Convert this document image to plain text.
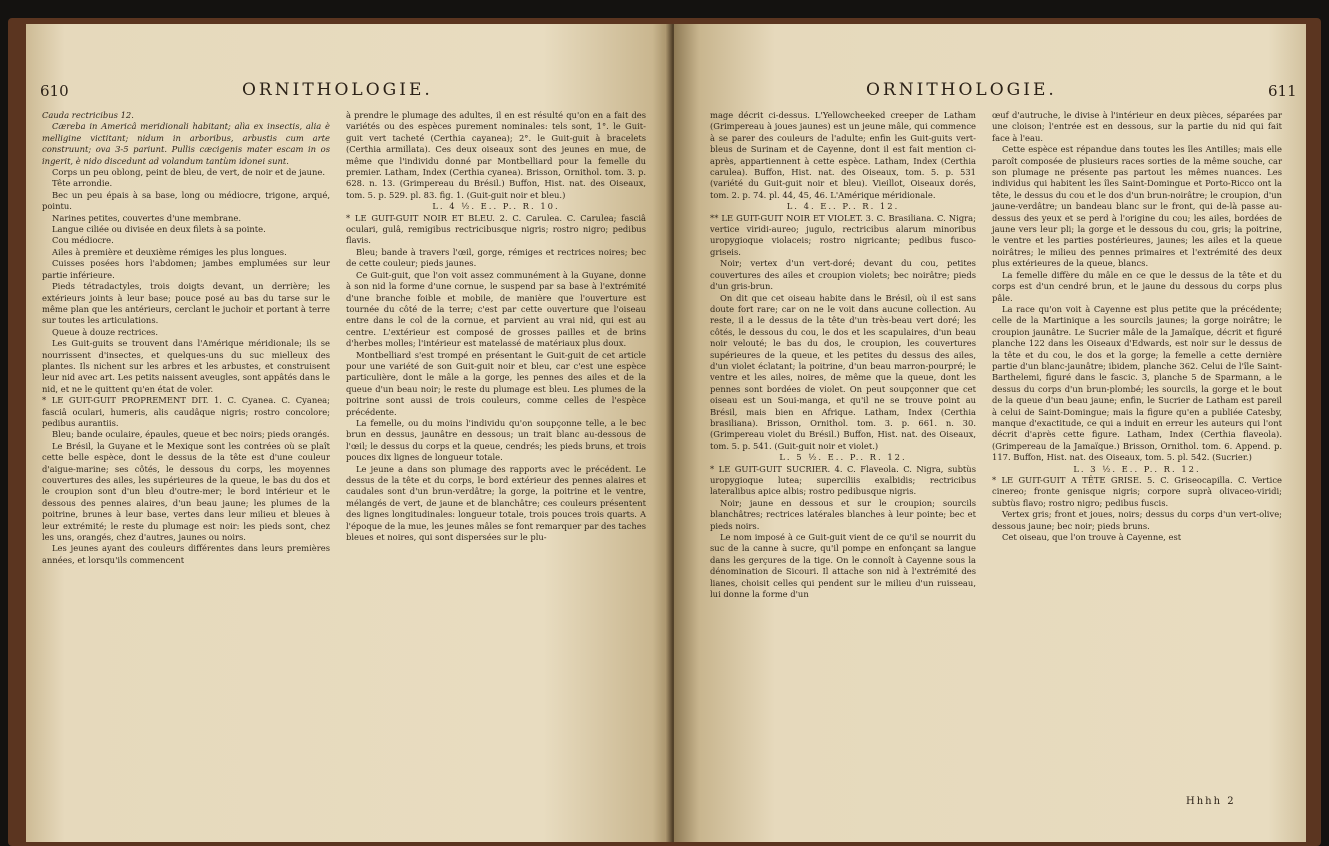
610	ORNITHOLOGIE.

Cauda rectricibus 12.

Cæreba in Americâ meridionali habitant; alìa ex insectis, alia è melligine victitant; nidum in arboribus, arbustis cum arte construunt; ova 3-5 pariunt. Pullis cæcigenis mater escam in os ingerit, è nido discedunt ad volandum tantùm idonei sunt.

Corps un peu oblong, peint de bleu, de vert, de noir et de jaune.

Tête arrondie.

Bec un peu épais à sa base, long ou médiocre, trigone, arqué, pointu.

Narines petites, couvertes d'une membrane.

Langue ciliée ou divisée en deux filets à sa pointe.

Cou médiocre.

Ailes à première et deuxième rémiges les plus longues.

Cuisses posées hors l'abdomen; jambes emplumées sur leur partie inférieure.

Pieds tétradactyles, trois doigts devant, un derrière; les extérieurs joints à leur base; pouce posé au bas du tarse sur le même plan que les antérieurs, cerclant le juchoir et portant à terre sur toutes les articulations.

Queue à douze rectrices.

Les Guit-guits se trouvent dans l'Amérique méridionale; ils se nourrissent d'insectes, et quelques-uns du suc mielleux des plantes. Ils nichent sur les arbres et les arbustes, et construisent leur nid avec art. Les petits naissent aveugles, sont appâtés dans le nid, et ne le quittent qu'en état de voler.

* LE GUIT-GUIT PROPREMENT DIT. 1. C. Cyanea. C. Cyanea; fasciâ oculari, humeris, alis caudâque nigris; rostro concolore; pedibus aurantiis.

Bleu; bande oculaire, épaules, queue et bec noirs; pieds orangés.

Le Brésil, la Guyane et le Mexique sont les contrées où se plaît cette belle espèce, dont le dessus de la tête est d'une couleur d'aigue-marine; ses côtés, le dessous du corps, les moyennes couvertures des ailes, les supérieures de la queue, le bas du dos et le croupion sont d'un bleu d'outre-mer; le bord intérieur et le dessous des pennes alaires, d'un beau jaune; les plumes de la poitrine, brunes à leur base, vertes dans leur milieu et bleues à leur extrémité; le reste du plumage est noir: les pieds sont, chez les uns, orangés, chez d'autres, jaunes ou noirs.

Les jeunes ayant des couleurs différentes dans leurs premières années, et lorsqu'ils commencent

à prendre le plumage des adultes, il en est résulté qu'on en a fait des variétés ou des espèces purement nominales: tels sont, 1°. le Guit-guit vert tacheté (Certhia cayanea); 2°. le Guit-guit à bracelets (Certhia armillata). Ces deux oiseaux sont des jeunes en mue, de même que l'individu donné par Montbelliard pour la femelle du premier. Latham, Index (Certhia cyanea). Brisson, Ornithol. tom. 3. p. 628. n. 13. (Grimpereau du Brésil.) Buffon, Hist. nat. des Oiseaux, tom. 5. p. 529. pl. 83. fig. 1. (Guit-guit noir et bleu.)

L. 4 ½. E.. P.. R. 10.

* LE GUIT-GUIT NOIR ET BLEU. 2. C. Carulea. C. Carulea; fasciâ oculari, gulâ, remigibus rectricibusque nigris; rostro nigro; pedibus flavis.

Bleu; bande à travers l'œil, gorge, rémiges et rectrices noires; bec de cette couleur; pieds jaunes.

Ce Guit-guit, que l'on voit assez communément à la Guyane, donne à son nid la forme d'une cornue, le suspend par sa base à l'extrémité d'une branche foible et mobile, de manière que l'ouverture est tournée du côté de la terre; c'est par cette ouverture que l'oiseau entre dans le col de la cornue, et parvient au vrai nid, qui est au centre. L'extérieur est composé de grosses pailles et de brins d'herbes molles; l'intérieur est matelassé de matériaux plus doux.

Montbelliard s'est trompé en présentant le Guit-guit de cet article pour une variété de son Guit-guit noir et bleu, car c'est une espèce particulière, dont le mâle a la gorge, les pennes des ailes et de la queue d'un beau noir; le reste du plumage est bleu. Les plumes de la poitrine sont aussi de trois couleurs, comme celles de l'espèce précédente.

La femelle, ou du moins l'individu qu'on soupçonne telle, a le bec brun en dessus, jaunâtre en dessous; un trait blanc au-dessous de l'œil; le dessus du corps et la queue, cendrés; les pieds bruns, et trois pouces dix lignes de longueur totale.

Le jeune a dans son plumage des rapports avec le précédent. Le dessus de la tête et du corps, le bord extérieur des pennes alaires et caudales sont d'un brun-verdâtre; la gorge, la poitrine et le ventre, mélangés de vert, de jaune et de blanchâtre; ces couleurs présentent des lignes longitudinales: longueur totale, trois pouces trois quarts. A l'époque de la mue, les jeunes mâles se font remarquer par des taches bleues et noires, qui sont dispersées sur le plu-

ORNITHOLOGIE.	611

mage décrit ci-dessus. L'Yellowcheeked creeper de Latham (Grimpereau à joues jaunes) est un jeune mâle, qui commence à se parer des couleurs de l'adulte; enfin les Guit-guits vert-bleus de Surinam et de Cayenne, dont il est fait mention ci-après, appartiennent à cette espèce. Latham, Index (Certhia carulea). Buffon, Hist. nat. des Oiseaux, tom. 5. p. 531 (variété du Guit-guit noir et bleu). Vieillot, Oiseaux dorés, tom. 2. p. 74. pl. 44, 45, 46. L'Amérique méridionale.

L. 4. E.. P.. R. 12.

** LE GUIT-GUIT NOIR ET VIOLET. 3. C. Brasiliana. C. Nigra; vertice viridi-aureo; jugulo, rectricibus alarum minoribus uropygioque violaceis; rostro nigricante; pedibus fusco-griseis.

Noir; vertex d'un vert-doré; devant du cou, petites couvertures des ailes et croupion violets; bec noirâtre; pieds d'un gris-brun.

On dit que cet oiseau habite dans le Brésil, où il est sans doute fort rare; car on ne le voit dans aucune collection. Au reste, il a le dessus de la tête d'un très-beau vert doré; les côtés, le dessous du cou, le dos et les scapulaires, d'un beau noir velouté; le bas du dos, le croupion, les couvertures supérieures de la queue, et les petites du dessus des ailes, d'un violet éclatant; la poitrine, d'un beau marron-pourpré; le ventre et les ailes, noires, de même que la queue, dont les pennes sont bordées de violet. On peut soupçonner que cet oiseau est un Soui-manga, et qu'il ne se trouve point au Brésil, mais bien en Afrique. Latham, Index (Certhia brasiliana). Brisson, Ornithol. tom. 3. p. 661. n. 30. (Grimpereau violet du Brésil.) Buffon, Hist. nat. des Oiseaux, tom. 5. p. 541. (Guit-guit noir et violet.)

L. 5 ½. E.. P.. R. 12.

* LE GUIT-GUIT SUCRIER. 4. C. Flaveola. C. Nigra, subtùs uropygioque lutea; superciliis exalbidis; rectricibus lateralibus apice albis; rostro pedibusque nigris.

Noir; jaune en dessous et sur le croupion; sourcils blanchâtres; rectrices latérales blanches à leur pointe; bec et pieds noirs.

Le nom imposé à ce Guit-guit vient de ce qu'il se nourrit du suc de la canne à sucre, qu'il pompe en enfonçant sa langue dans les gerçures de la tige. On le connoît à Cayenne sous la dénomination de Sicouri. Il attache son nid à l'extrémité des lianes, choisit celles qui pendent sur le milieu d'un ruisseau, lui donne la forme d'un

œuf d'autruche, le divise à l'intérieur en deux pièces, séparées par une cloison; l'entrée est en dessous, sur la partie du nid qui fait face à l'eau.

Cette espèce est répandue dans toutes les îles Antilles; mais elle paroît composée de plusieurs races sorties de la même souche, car son plumage ne présente pas partout les mêmes nuances. Les individus qui habitent les îles Saint-Domingue et Porto-Ricco ont la tête, le dessus du cou et le dos d'un brun-noirâtre; le croupion, d'un jaune-verdâtre; un bandeau blanc sur le front, qui de-là passe au-dessus des yeux et se perd à l'origine du cou; les ailes, bordées de jaune vers leur pli; la gorge et le dessous du cou, gris; la poitrine, le ventre et les parties postérieures, jaunes; les ailes et la queue noirâtres; le milieu des pennes primaires et l'extrémité des deux plus extérieures de la queue, blancs.

La femelle diffère du mâle en ce que le dessus de la tête et du corps est d'un cendré brun, et le jaune du dessous du corps plus pâle.

La race qu'on voit à Cayenne est plus petite que la précédente; celle de la Martinique a les sourcils jaunes; la gorge noirâtre; le croupion jaunâtre. Le Sucrier mâle de la Jamaïque, décrit et figuré planche 122 dans les Oiseaux d'Edwards, est noir sur le dessus de la tête et du cou, le dos et la gorge; la femelle a cette dernière partie d'un blanc-jaunâtre; ibidem, planche 362. Celui de l'île Saint-Barthelemi, figuré dans le fascic. 3, planche 5 de Sparmann, a le dessus du corps d'un brun-plombé; les sourcils, la gorge et le bout de la queue d'un beau jaune; enfin, le Sucrier de Latham est pareil à celui de Saint-Domingue; mais la figure qu'en a publiée Catesby, manque d'exactitude, ce qui a induit en erreur les auteurs qui l'ont décrit d'après cette figure. Latham, Index (Certhia flaveola). (Grimpereau de la Jamaïque.) Brisson, Ornithol. tom. 6. Append. p. 117. Buffon, Hist. nat. des Oiseaux, tom. 5. pl. 542. (Sucrier.)

L. 3 ½. E.. P.. R. 12.

* LE GUIT-GUIT A TÊTE GRISE. 5. C. Griseocapilla. C. Vertice cinereo; fronte genisque nigris; corpore suprà olivaceo-viridi; subtùs flavo; rostro nigro; pedibus fuscis.

Vertex gris; front et joues, noirs; dessus du corps d'un vert-olive; dessous jaune; bec noir; pieds bruns.

Cet oiseau, que l'on trouve à Cayenne, est

Hhhh 2
